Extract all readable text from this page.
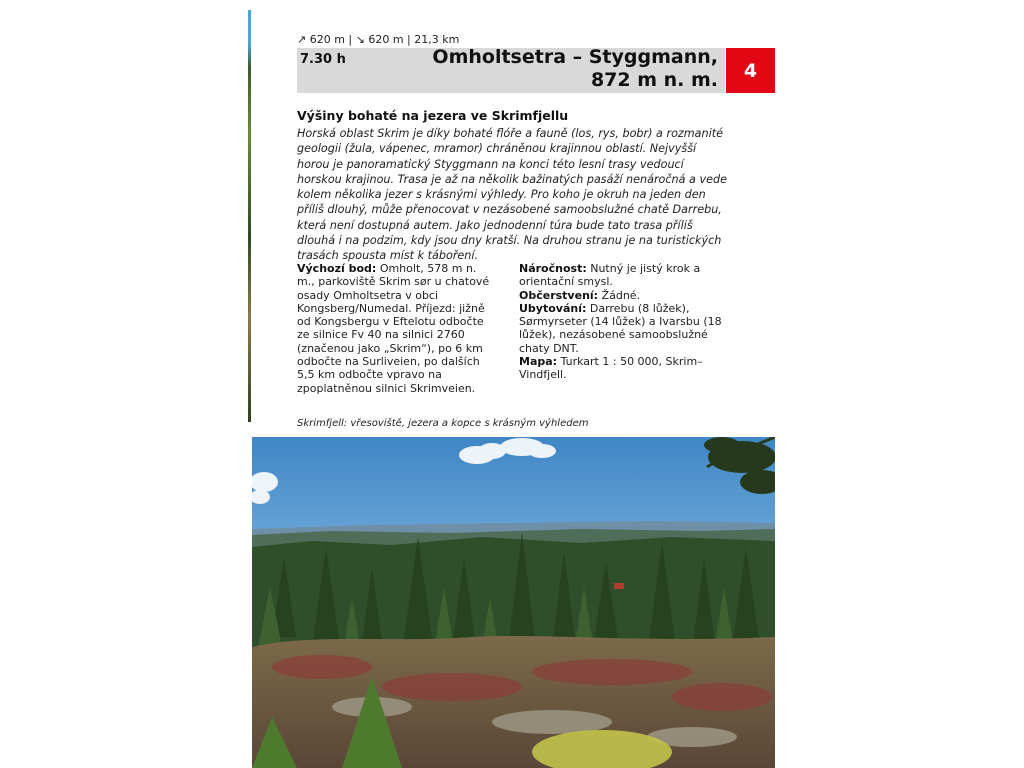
↗ 620 m | ↘ 620 m | 21,3 km
7.30 h	Omholtsetra – Styggmann,
872 m n. m.	4
Výšiny bohaté na jezera ve Skrimfjellu

Horská oblast Skrim je díky bohaté flóře a fauně (los, rys, bobr) a rozmanité geologii (žula, vápenec, mramor) chráněnou krajinnou oblastí. Nejvyšší horou je panoramatický Styggmann na konci této lesní trasy vedoucí horskou krajinou. Trasa je až na několik bažinatých pasáží nenáročná a vede kolem několika jezer s krásnými výhledy. Pro koho je okruh na jeden den příliš dlouhý, může přenocovat v nezásobené samoobslužné chatě Darrebu, která není dostupná autem. Jako jednodenní túra bude tato trasa příliš dlouhá i na podzim, kdy jsou dny kratší. Na druhou stranu je na turistických trasách spousta míst k táboření.

Výchozí bod: Omholt, 578 m n. m., parkoviště Skrim sør u chatové osady Omholtsetra v obci Kongsberg/Numedal. Příjezd: jižně od Kongsbergu v Eftelotu odbočte ze silnice Fv 40 na silnici 2760 (značenou jako „Skrim“), po 6 km odbočte na Surliveien, po dalších 5,5 km odbočte vpravo na zpoplatněnou silnici Skrimveien.

Náročnost: Nutný je jistý krok a orientační smysl.

Občerstvení: Žádné.

Ubytování: Darrebu (8 lůžek), Sørmyrseter (14 lůžek) a Ivarsbu (18 lůžek), nezásobené samoobslužné chaty DNT.

Mapa: Turkart 1 : 50 000, Skrim–Vindfjell.

Skrimfjell: vřesoviště, jezera a kopce s krásným výhledem
